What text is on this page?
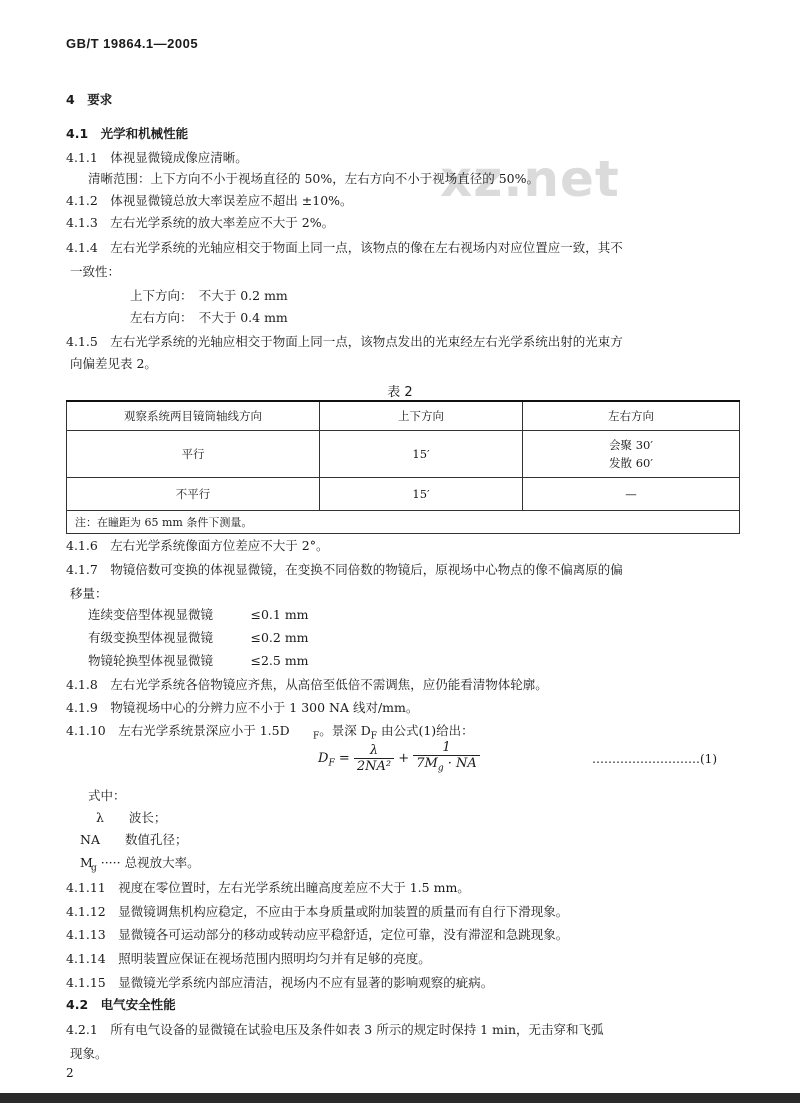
GB/T 19864.1—2005
xz.net
4　要求
4.1　光学和机械性能
4.1.1　体视显微镜成像应清晰。
清晰范围：上下方向不小于视场直径的 50%，左右方向不小于视场直径的 50%。
4.1.2　体视显微镜总放大率误差应不超出 ±10%。
4.1.3　左右光学系统的放大率差应不大于 2%。
4.1.4　左右光学系统的光轴应相交于物面上同一点，该物点的像在左右视场内对应位置应一致，其不
一致性：
上下方向：　不大于 0.2 mm
左右方向：　不大于 0.4 mm
4.1.5　左右光学系统的光轴应相交于物面上同一点，该物点发出的光束经左右光学系统出射的光束方
向偏差见表 2。
4.1.6　左右光学系统像面方位差应不大于 2°。
4.1.7　物镜倍数可变换的体视显微镜，在变换不同倍数的物镜后，原视场中心物点的像不偏离原的偏
移量：
连续变倍型体视显微镜　　　≤0.1 mm
有级变换型体视显微镜　　　≤0.2 mm
物镜轮换型体视显微镜　　　≤2.5 mm
4.1.8　左右光学系统各倍物镜应齐焦，从高倍至低倍不需调焦，应仍能看清物体轮廓。
4.1.9　物镜视场中心的分辨力应不小于 1 300 NA 线对/mm。
4.1.10　左右光学系统景深应小于 1.5D
式中：
λ　　波长；
NA　　数值孔径；
M
4.1.11　视度在零位置时，左右光学系统出瞳高度差应不大于 1.5 mm。
4.1.12　显微镜调焦机构应稳定，不应由于本身质量或附加装置的质量而有自行下滑现象。
4.1.13　显微镜各可运动部分的移动或转动应平稳舒适，定位可靠，没有滞涩和急跳现象。
4.1.14　照明装置应保证在视场范围内照明均匀并有足够的亮度。
4.1.15　显微镜光学系统内部应清洁，视场内不应有显著的影响观察的疵病。
4.2　电气安全性能
4.2.1　所有电气设备的显微镜在试验电压及条件如表 3 所示的规定时保持 1 min，无击穿和飞弧
现象。
$_F$。景深 $D_F$ 由公式(1)给出：
$D_F = \frac{\lambda}{\text{2NA²}} + \frac{1}{7M_g \cdot NA}$	………………………(1)
$_g$ ····· 总视放大率。
表 2
观察系统两目镜筒轴线方向	上下方向	左右方向
平行	15′	会聚 30′
发散 60′

不平行	15′	—
注：在瞳距为 65 mm 条件下测量。		
2
